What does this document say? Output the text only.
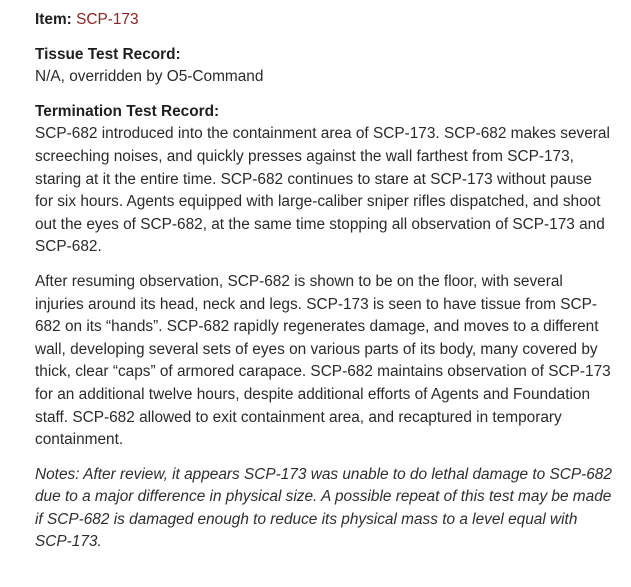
Item: SCP-173

Tissue Test Record:

N/A, overridden by O5-Command

Termination Test Record:

SCP-682 introduced into the containment area of SCP-173. SCP-682 makes several screeching noises, and quickly presses against the wall farthest from SCP-173, staring at it the entire time. SCP-682 continues to stare at SCP-173 without pause for six hours. Agents equipped with large-caliber sniper rifles dispatched, and shoot out the eyes of SCP-682, at the same time stopping all observation of SCP-173 and SCP-682.

After resuming observation, SCP-682 is shown to be on the floor, with several injuries around its head, neck and legs. SCP-173 is seen to have tissue from SCP-682 on its “hands”. SCP-682 rapidly regenerates damage, and moves to a different wall, developing several sets of eyes on various parts of its body, many covered by thick, clear “caps” of armored carapace. SCP-682 maintains observation of SCP-173 for an additional twelve hours, despite additional efforts of Agents and Foundation staff. SCP-682 allowed to exit containment area, and recaptured in temporary containment.

Notes: After review, it appears SCP-173 was unable to do lethal damage to SCP-682 due to a major difference in physical size. A possible repeat of this test may be made if SCP-682 is damaged enough to reduce its physical mass to a level equal with SCP-173.
